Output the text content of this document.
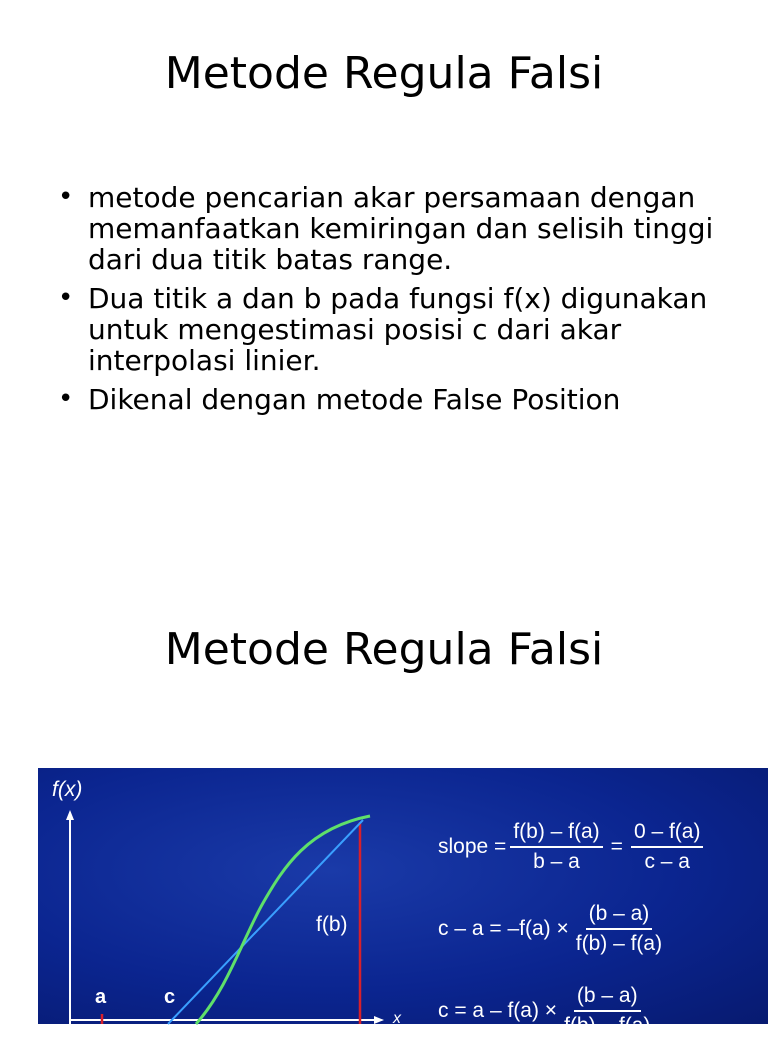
Metode Regula Falsi
• metode pencarian akar persamaan dengan memanfaatkan kemiringan dan selisih tinggi dari dua titik batas range.
• Dua titik a dan b pada fungsi f(x) digunakan untuk mengestimasi posisi c dari akar interpolasi linier.
• Dikenal dengan metode False Position
Metode Regula Falsi
f(x)
x
a	c
f(b)
slope = $\frac{f(b) - f(a)}{b - a} = \frac{0 - f(a)}{c - a}$
$c - a = -f(a) \times \frac{(b - a)}{f(b) - f(a)}$
$c = a - f(a) \times \frac{(b - a)}{f(b) - f(a)}$
